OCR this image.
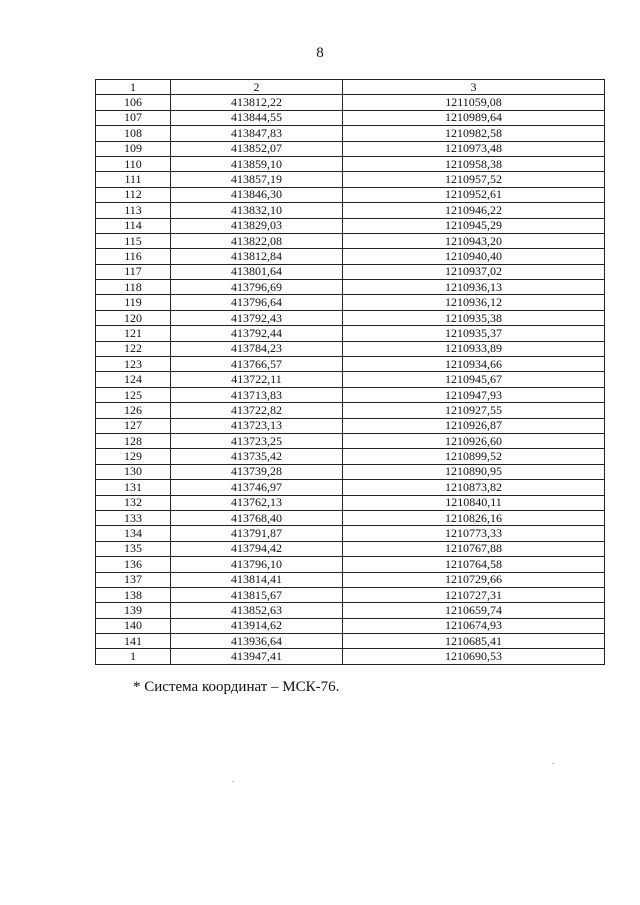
8
1	2	3
106	413812,22	1211059,08
107	413844,55	1210989,64
108	413847,83	1210982,58
109	413852,07	1210973,48
110	413859,10	1210958,38
111	413857,19	1210957,52
112	413846,30	1210952,61
113	413832,10	1210946,22
114	413829,03	1210945,29
115	413822,08	1210943,20
116	413812,84	1210940,40
117	413801,64	1210937,02
118	413796,69	1210936,13
119	413796,64	1210936,12
120	413792,43	1210935,38
121	413792,44	1210935,37
122	413784,23	1210933,89
123	413766,57	1210934,66
124	413722,11	1210945,67
125	413713,83	1210947,93
126	413722,82	1210927,55
127	413723,13	1210926,87
128	413723,25	1210926,60
129	413735,42	1210899,52
130	413739,28	1210890,95
131	413746,97	1210873,82
132	413762,13	1210840,11
133	413768,40	1210826,16
134	413791,87	1210773,33
135	413794,42	1210767,88
136	413796,10	1210764,58
137	413814,41	1210729,66
138	413815,67	1210727,31
139	413852,63	1210659,74
140	413914,62	1210674,93
141	413936,64	1210685,41
1	413947,41	1210690,53
* Система координат – МСК-76.
